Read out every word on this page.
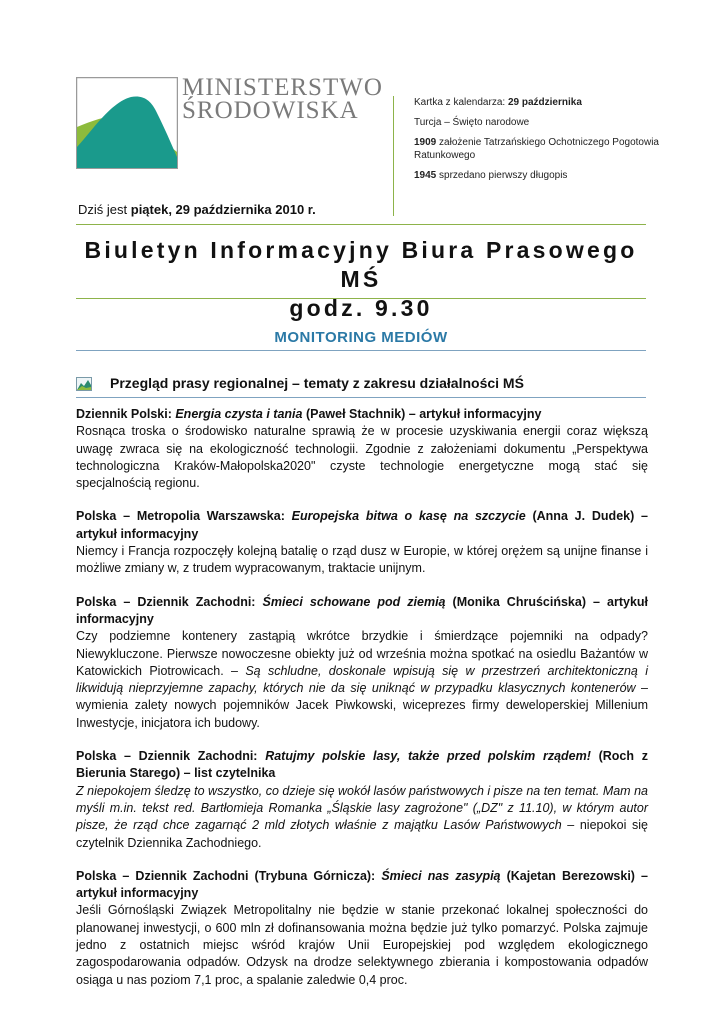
MINISTERSTWO
ŚRODOWISKA	Kartka z kalendarza: 29 października

Turcja – Święto narodowe

1909 założenie Tatrzańskiego Ochotniczego Pogotowia Ratunkowego

1945 sprzedano pierwszy długopis

Dziś jest piątek, 29 października 2010 r.
Biuletyn Informacyjny Biura Prasowego MŚ
godz. 9.30
MONITORING MEDIÓW
Przegląd prasy regionalnej – tematy z zakresu działalności MŚ

Dziennik Polski: Energia czysta i tania (Paweł Stachnik) – artykuł informacyjny

Rosnąca troska o środowisko naturalne sprawią że w procesie uzyskiwania energii coraz większą uwagę zwraca się na ekologiczność technologii. Zgodnie z założeniami dokumentu „Perspektywa technologiczna Kraków-Małopolska2020" czyste technologie energetyczne mogą stać się specjalnością regionu.

Polska – Metropolia Warszawska: Europejska bitwa o kasę na szczycie (Anna J. Dudek) – artykuł informacyjny

Niemcy i Francja rozpoczęły kolejną batalię o rząd dusz w Europie, w której orężem są unijne finanse i możliwe zmiany w, z trudem wypracowanym, traktacie unijnym.

Polska – Dziennik Zachodni: Śmieci schowane pod ziemią (Monika Chruścińska) – artykuł informacyjny

Czy podziemne kontenery zastąpią wkrótce brzydkie i śmierdzące pojemniki na odpady? Niewykluczone. Pierwsze nowoczesne obiekty już od września można spotkać na osiedlu Bażantów w Katowickich Piotrowicach. – Są schludne, doskonale wpisują się w przestrzeń architektoniczną i likwidują nieprzyjemne zapachy, których nie da się uniknąć w przypadku klasycznych kontenerów – wymienia zalety nowych pojemników Jacek Piwkowski, wiceprezes firmy deweloperskiej Millenium Inwestycje, inicjatora ich budowy.

Polska – Dziennik Zachodni: Ratujmy polskie lasy, także przed polskim rządem! (Roch z Bierunia Starego) – list czytelnika

Z niepokojem śledzę to wszystko, co dzieje się wokół lasów państwowych i pisze na ten temat. Mam na myśli m.in. tekst red. Bartłomieja Romanka „Śląskie lasy zagrożone" („DZ" z 11.10), w którym autor pisze, że rząd chce zagarnąć 2 mld złotych właśnie z majątku Lasów Państwowych – niepokoi się czytelnik Dziennika Zachodniego.

Polska – Dziennik Zachodni (Trybuna Górnicza): Śmieci nas zasypią (Kajetan Berezowski) – artykuł informacyjny

Jeśli Górnośląski Związek Metropolitalny nie będzie w stanie przekonać lokalnej społeczności do planowanej inwestycji, o 600 mln zł dofinansowania można będzie już tylko pomarzyć. Polska zajmuje jedno z ostatnich miejsc wśród krajów Unii Europejskiej pod względem ekologicznego zagospodarowania odpadów. Odzysk na drodze selektywnego zbierania i kompostowania odpadów osiąga u nas poziom 7,1 proc, a spalanie zaledwie 0,4 proc.
